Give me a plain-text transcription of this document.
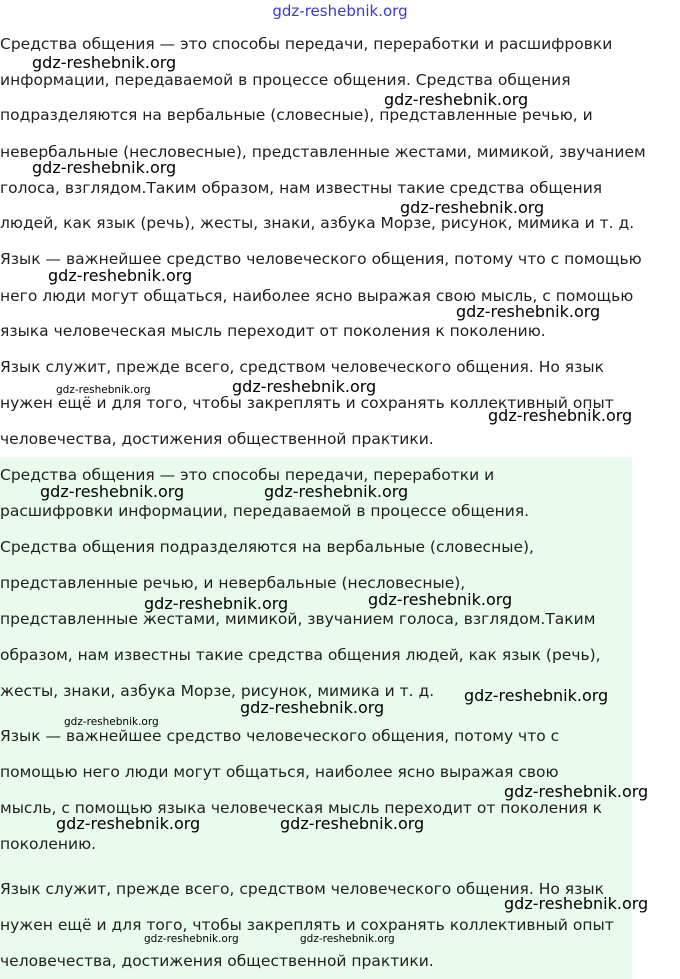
gdz-reshebnik.org

Средства общения — это способы передачи, переработки и расшифровки

информации, передаваемой в процессе общения. Средства общения

подразделяются на вербальные (словесные), представленные речью, и

невербальные (несловесные), представленные жестами, мимикой, звучанием

голоса, взглядом.Таким образом, нам известны такие средства общения

людей, как язык (речь), жесты, знаки, азбука Морзе, рисунок, мимика и т. д.

Язык — важнейшее средство человеческого общения, потому что с помощью

него люди могут общаться, наиболее ясно выражая свою мысль, с помощью

языка человеческая мысль переходит от поколения к поколению.

Язык служит, прежде всего, средством человеческого общения. Но язык

нужен ещё и для того, чтобы закреплять и сохранять коллективный опыт

человечества, достижения общественной практики.

Средства общения — это способы передачи, переработки и

расшифровки информации, передаваемой в процессе общения.

Средства общения подразделяются на вербальные (словесные),

представленные речью, и невербальные (несловесные),

представленные жестами, мимикой, звучанием голоса, взглядом.Таким

образом, нам известны такие средства общения людей, как язык (речь),

жесты, знаки, азбука Морзе, рисунок, мимика и т. д.

Язык — важнейшее средство человеческого общения, потому что с

помощью него люди могут общаться, наиболее ясно выражая свою

мысль, с помощью языка человеческая мысль переходит от поколения к

поколению.

Язык служит, прежде всего, средством человеческого общения. Но язык

нужен ещё и для того, чтобы закреплять и сохранять коллективный опыт

человечества, достижения общественной практики.

gdz-reshebnik.org
gdz-reshebnik.org
gdz-reshebnik.org
gdz-reshebnik.org
gdz-reshebnik.org
gdz-reshebnik.org
gdz-reshebnik.org	gdz-reshebnik.org
gdz-reshebnik.org
gdz-reshebnik.org	gdz-reshebnik.org
gdz-reshebnik.org	gdz-reshebnik.org
gdz-reshebnik.org
gdz-reshebnik.org
gdz-reshebnik.org
gdz-reshebnik.org
gdz-reshebnik.org	gdz-reshebnik.org
gdz-reshebnik.org
gdz-reshebnik.org	gdz-reshebnik.org
